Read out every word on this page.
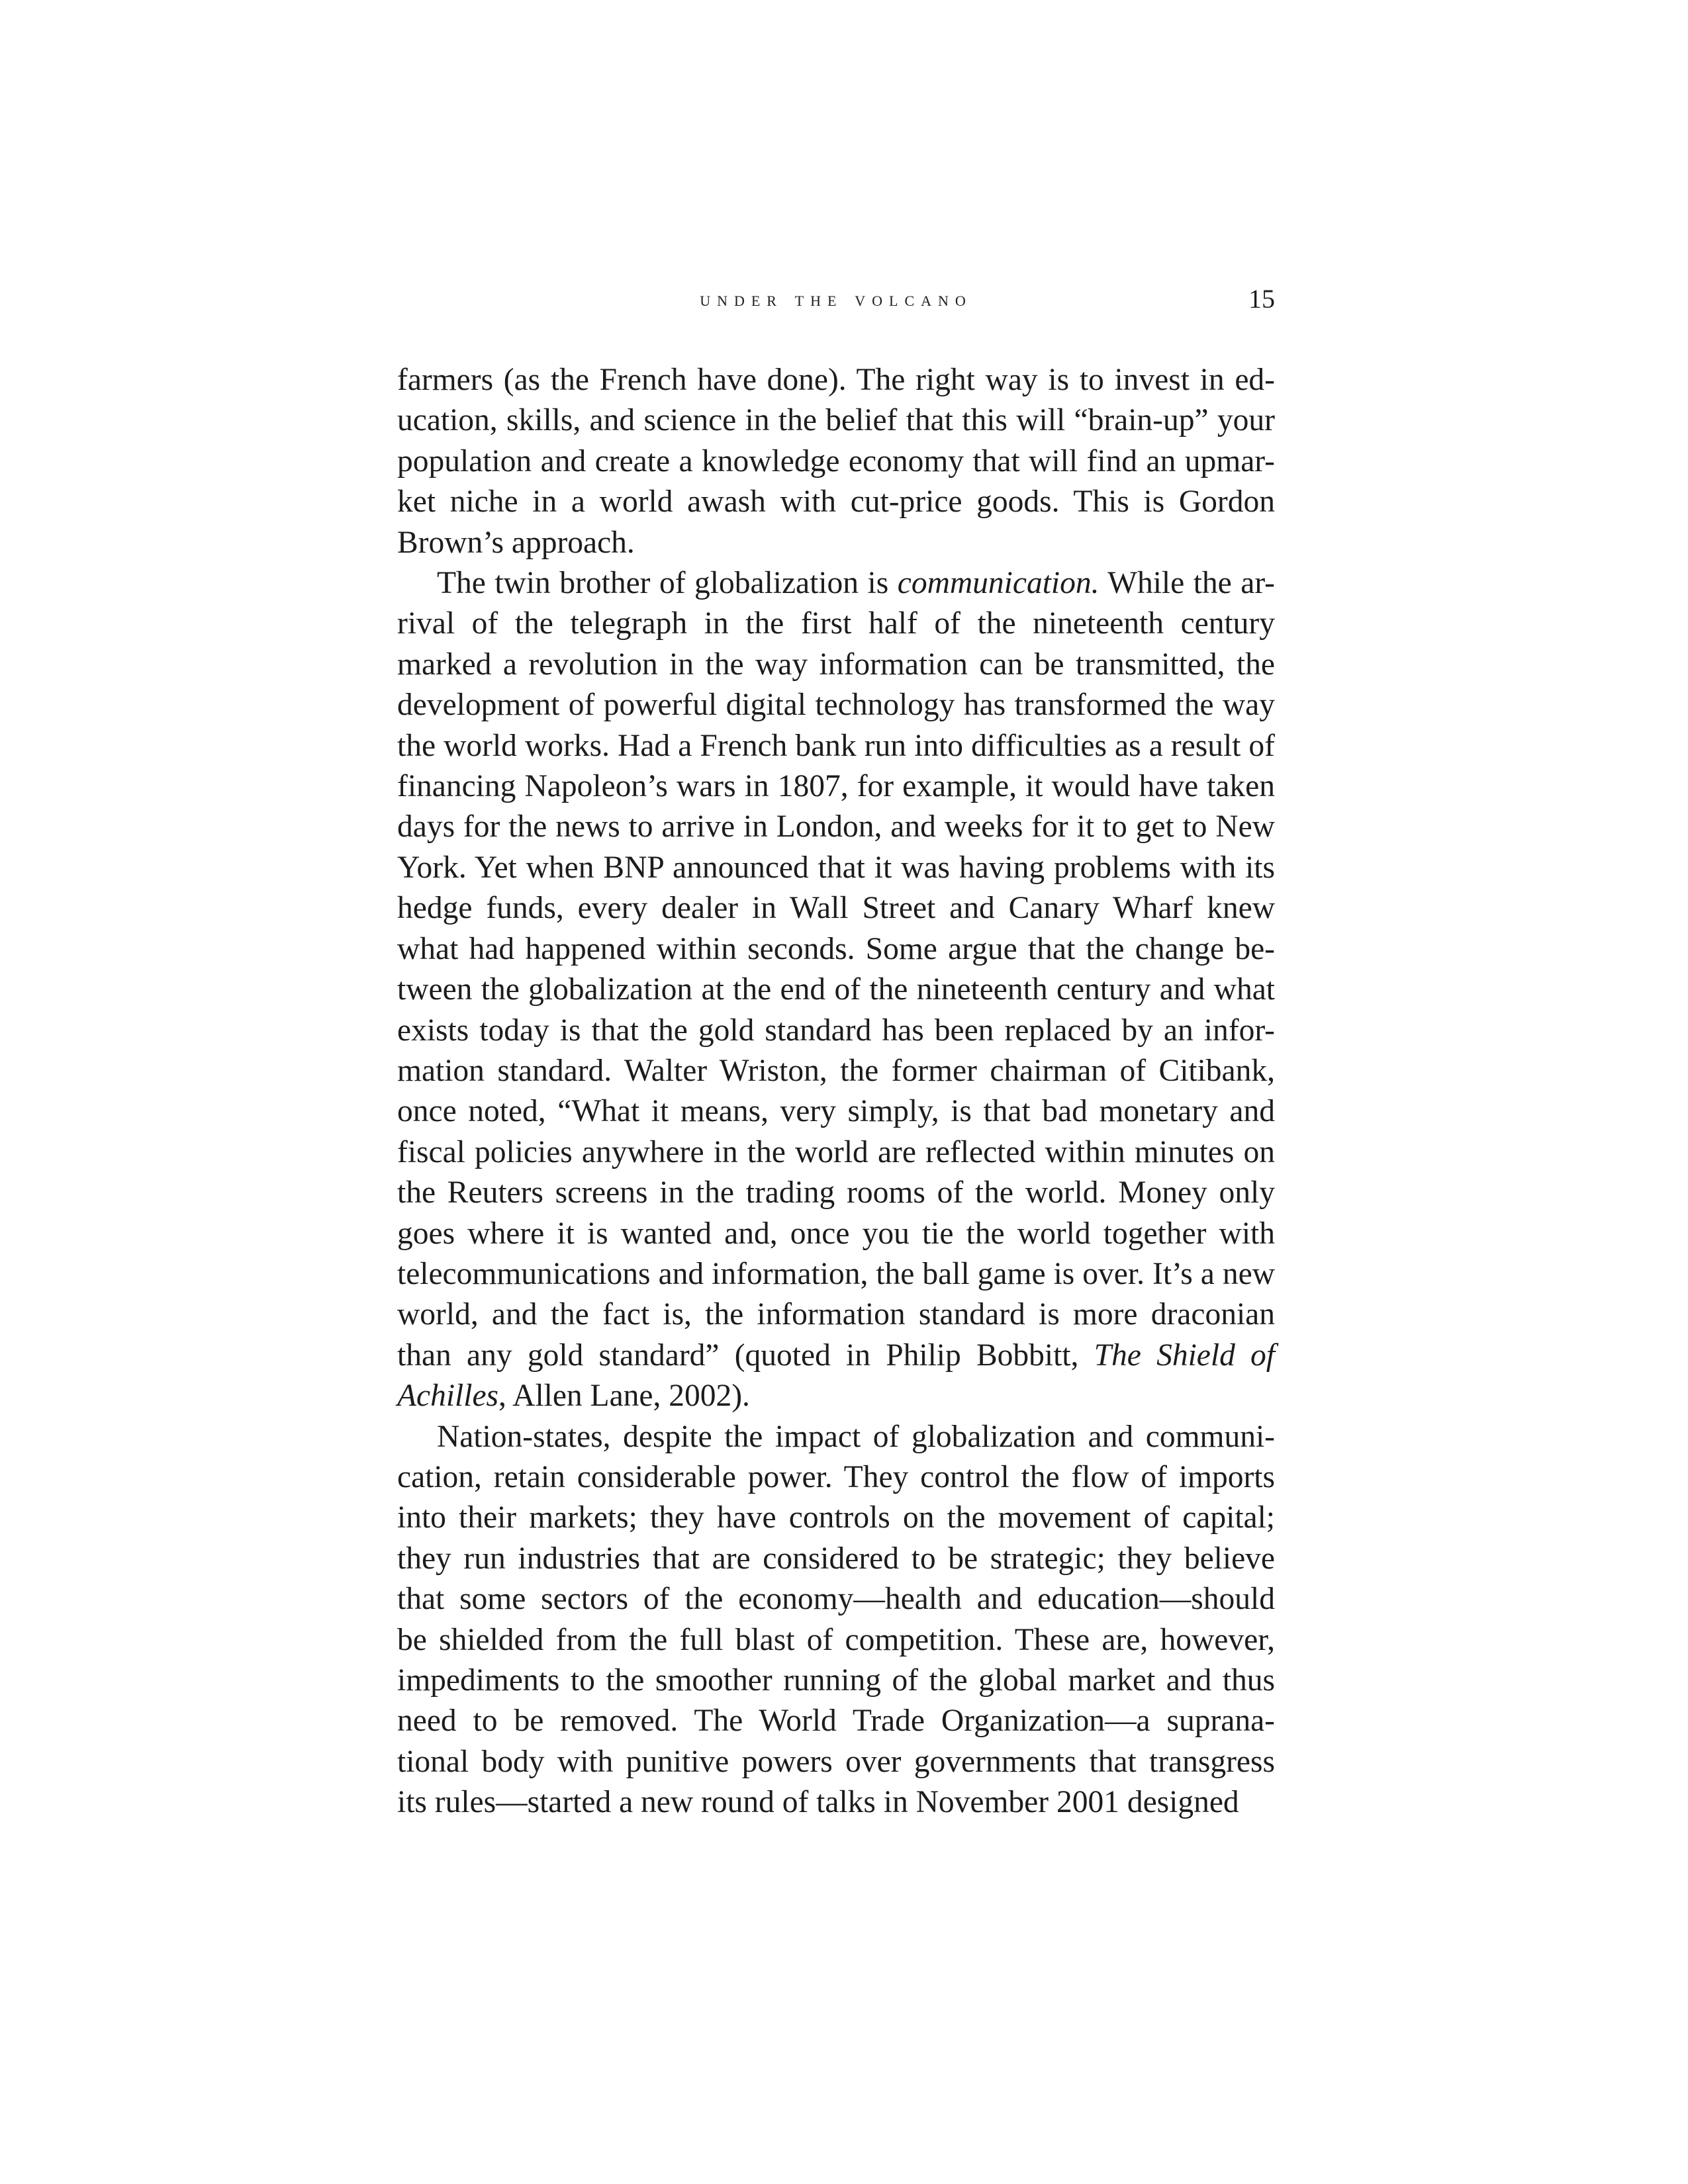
under the volcano	15
farmers (as the French have done). The right way is to invest in ed-
ucation, skills, and science in the belief that this will “brain-up” your
population and create a knowledge economy that will find an upmar-
ket niche in a world awash with cut-price goods. This is Gordon
Brown’s approach.
The twin brother of globalization is communication. While the ar-
rival of the telegraph in the first half of the nineteenth century
marked a revolution in the way information can be transmitted, the
development of powerful digital technology has transformed the way
the world works. Had a French bank run into difficulties as a result of
financing Napoleon’s wars in 1807, for example, it would have taken
days for the news to arrive in London, and weeks for it to get to New
York. Yet when BNP announced that it was having problems with its
hedge funds, every dealer in Wall Street and Canary Wharf knew
what had happened within seconds. Some argue that the change be-
tween the globalization at the end of the nineteenth century and what
exists today is that the gold standard has been replaced by an infor-
mation standard. Walter Wriston, the former chairman of Citibank,
once noted, “What it means, very simply, is that bad monetary and
fiscal policies anywhere in the world are reflected within minutes on
the Reuters screens in the trading rooms of the world. Money only
goes where it is wanted and, once you tie the world together with
telecommunications and information, the ball game is over. It’s a new
world, and the fact is, the information standard is more draconian
than any gold standard” (quoted in Philip Bobbitt, The Shield of
Achilles, Allen Lane, 2002).
Nation-states, despite the impact of globalization and communi-
cation, retain considerable power. They control the flow of imports
into their markets; they have controls on the movement of capital;
they run industries that are considered to be strategic; they believe
that some sectors of the economy—health and education—should
be shielded from the full blast of competition. These are, however,
impediments to the smoother running of the global market and thus
need to be removed. The World Trade Organization—a suprana-
tional body with punitive powers over governments that transgress
its rules—started a new round of talks in November 2001 designed
